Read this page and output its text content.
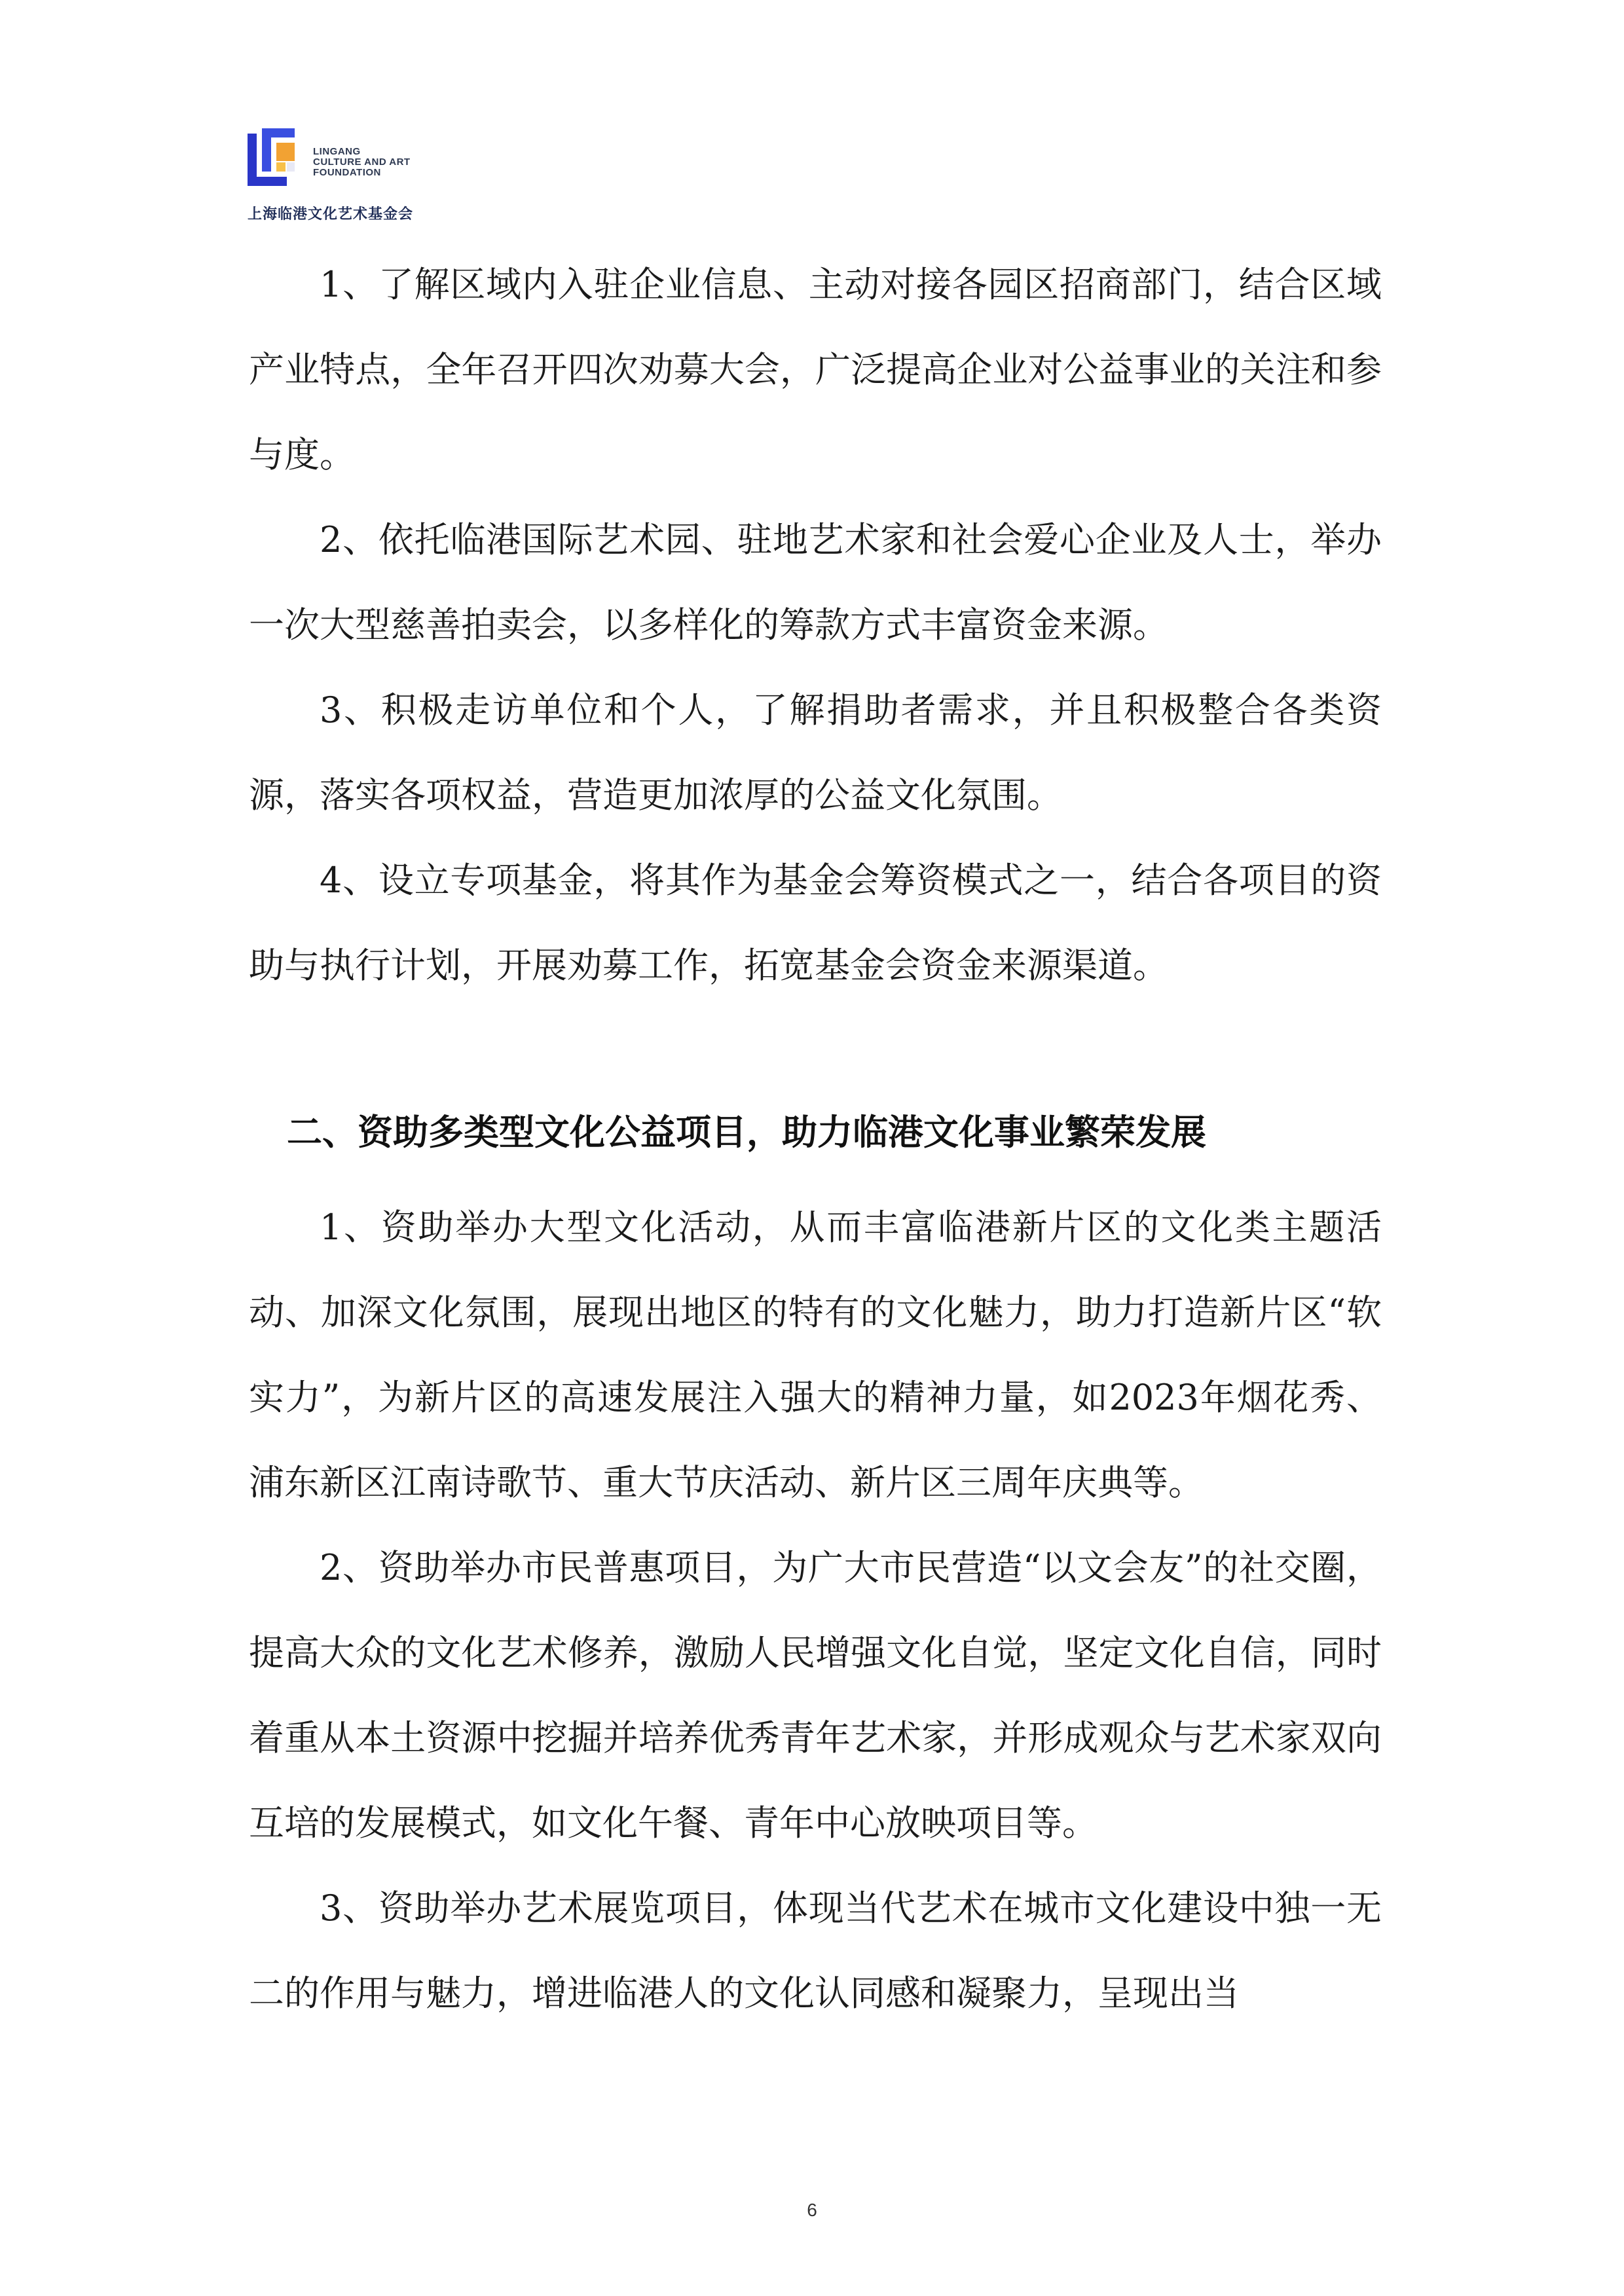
LINGANG
CULTURE AND ART
FOUNDATION
上海临港文化艺术基金会

1、了解区域内入驻企业信息、主动对接各园区招商部门，结合区域产业特点，全年召开四次劝募大会，广泛提高企业对公益事业的关注和参与度。

2、依托临港国际艺术园、驻地艺术家和社会爱心企业及人士，举办一次大型慈善拍卖会，以多样化的筹款方式丰富资金来源。

3、积极走访单位和个人，了解捐助者需求，并且积极整合各类资源，落实各项权益，营造更加浓厚的公益文化氛围。

4、设立专项基金，将其作为基金会筹资模式之一，结合各项目的资助与执行计划，开展劝募工作，拓宽基金会资金来源渠道。

二、资助多类型文化公益项目，助力临港文化事业繁荣发展

1、资助举办大型文化活动，从而丰富临港新片区的文化类主题活动、加深文化氛围，展现出地区的特有的文化魅力，助力打造新片区“软实力”，为新片区的高速发展注入强大的精神力量，如2023年烟花秀、浦东新区江南诗歌节、重大节庆活动、新片区三周年庆典等。

2、资助举办市民普惠项目，为广大市民营造“以文会友”的社交圈，提高大众的文化艺术修养，激励人民增强文化自觉，坚定文化自信，同时着重从本土资源中挖掘并培养优秀青年艺术家，并形成观众与艺术家双向互培的发展模式，如文化午餐、青年中心放映项目等。

3、资助举办艺术展览项目，体现当代艺术在城市文化建设中独一无二的作用与魅力，增进临港人的文化认同感和凝聚力，呈现出当

6
